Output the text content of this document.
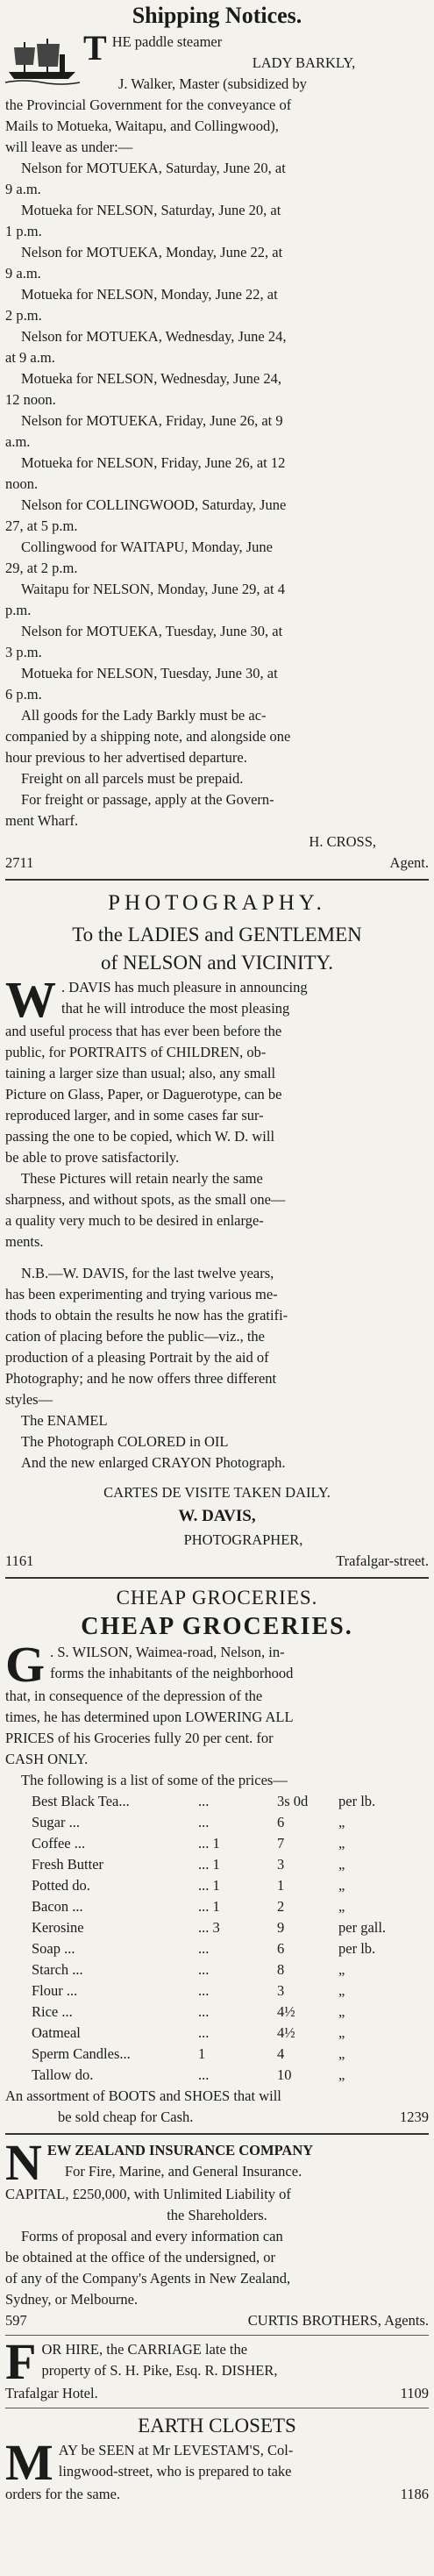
Shipping Notices.
T HE paddle steamer
LADY BARKLY,
J. Walker, Master (subsidized by
the Provincial Government for the conveyance of
Mails to Motueka, Waitapu, and Collingwood),
will leave as under:—
Nelson for MOTUEKA, Saturday, June 20, at
9 a.m.
Motueka for NELSON, Saturday, June 20, at
1 p.m.
Nelson for MOTUEKA, Monday, June 22, at
9 a.m.
Motueka for NELSON, Monday, June 22, at
2 p.m.
Nelson for MOTUEKA, Wednesday, June 24,
at 9 a.m.
Motueka for NELSON, Wednesday, June 24,
12 noon.
Nelson for MOTUEKA, Friday, June 26, at 9
a.m.
Motueka for NELSON, Friday, June 26, at 12
noon.
Nelson for COLLINGWOOD, Saturday, June
27, at 5 p.m.
Collingwood for WAITAPU, Monday, June
29, at 2 p.m.
Waitapu for NELSON, Monday, June 29, at 4
p.m.
Nelson for MOTUEKA, Tuesday, June 30, at
3 p.m.
Motueka for NELSON, Tuesday, June 30, at
6 p.m.
All goods for the Lady Barkly must be ac-
companied by a shipping note, and alongside one
hour previous to her advertised departure.
Freight on all parcels must be prepaid.
For freight or passage, apply at the Govern-
ment Wharf.
H. CROSS,
2711	Agent.
PHOTOGRAPHY.
To the LADIES and GENTLEMEN
of NELSON and VICINITY.
W . DAVIS has much pleasure in announcing
that he will introduce the most pleasing
and useful process that has ever been before the
public, for PORTRAITS of CHILDREN, ob-
taining a larger size than usual; also, any small
Picture on Glass, Paper, or Daguerotype, can be
reproduced larger, and in some cases far sur-
passing the one to be copied, which W. D. will
be able to prove satisfactorily.
These Pictures will retain nearly the same
sharpness, and without spots, as the small one—
a quality very much to be desired in enlarge-
ments.
N.B.—W. DAVIS, for the last twelve years,
has been experimenting and trying various me-
thods to obtain the results he now has the gratifi-
cation of placing before the public—viz., the
production of a pleasing Portrait by the aid of
Photography; and he now offers three different
styles—
The ENAMEL
The Photograph COLORED in OIL
And the new enlarged CRAYON Photograph.
CARTES DE VISITE TAKEN DAILY.
W. DAVIS,
PHOTOGRAPHER,
1161	Trafalgar-street.
CHEAP GROCERIES.
CHEAP GROCERIES.
G . S. WILSON, Waimea-road, Nelson, in-
forms the inhabitants of the neighborhood
that, in consequence of the depression of the
times, he has determined upon LOWERING ALL
PRICES of his Groceries fully 20 per cent. for
CASH ONLY.
The following is a list of some of the prices—
Best Black Tea...	...	3s 0d	per lb.
Sugar ...	...	6	„
Coffee ...	... 1	7	„
Fresh Butter	... 1	3	„
Potted do.	... 1	1	„
Bacon ...	... 1	2	„
Kerosine	... 3	9	per gall.
Soap ...	...	6	per lb.
Starch ...	...	8	„
Flour ...	...	3	„
Rice ...	...	4½	„
Oatmeal	...	4½	„
Sperm Candles...	1	4	„
Tallow do.	...	10	„
An assortment of BOOTS and SHOES that will
be sold cheap for Cash.	1239
N EW ZEALAND INSURANCE COMPANY
For Fire, Marine, and General Insurance.
CAPITAL, £250,000, with Unlimited Liability of
the Shareholders.
Forms of proposal and every information can
be obtained at the office of the undersigned, or
of any of the Company's Agents in New Zealand,
Sydney, or Melbourne.
597	CURTIS BROTHERS, Agents.
F OR HIRE, the CARRIAGE late the
property of S. H. Pike, Esq. R. DISHER,
Trafalgar Hotel.	1109
EARTH CLOSETS
M AY be SEEN at Mr LEVESTAM'S, Col-
lingwood-street, who is prepared to take
orders for the same.	1186
